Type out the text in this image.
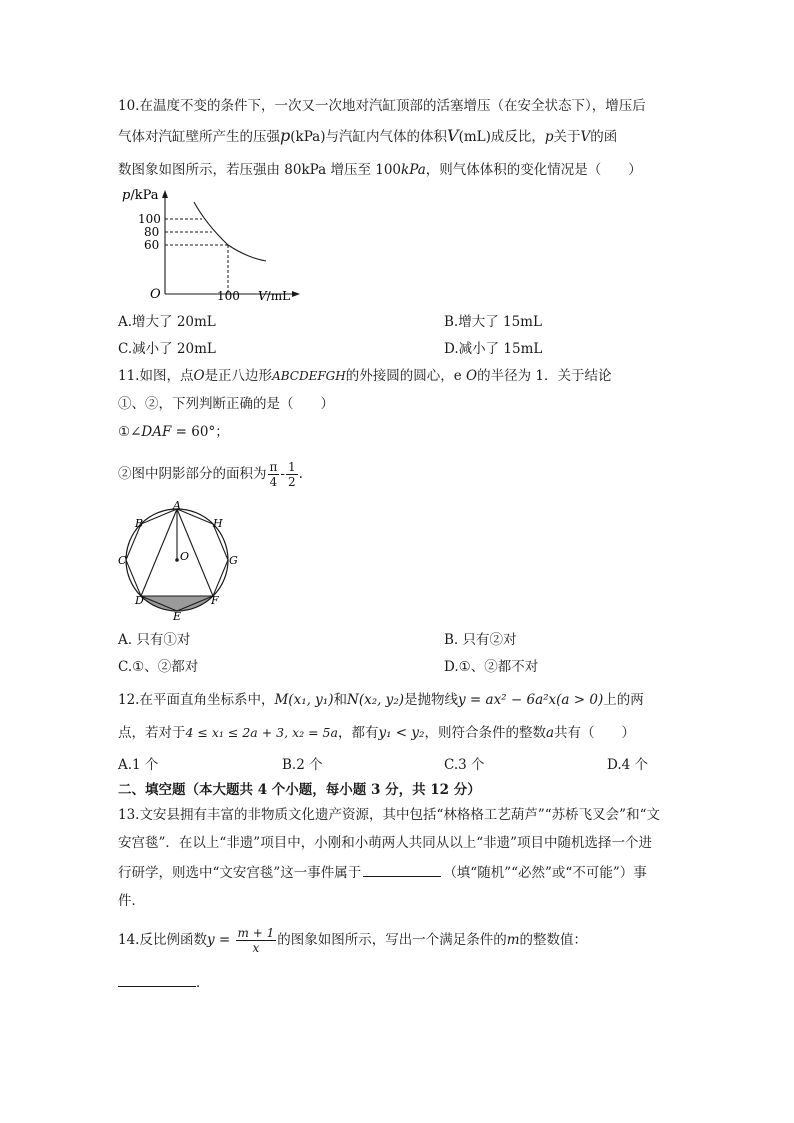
10.在温度不变的条件下，一次又一次地对汽缸顶部的活塞增压（在安全状态下），增压后
气体对汽缸壁所产生的压强p(kPa)与汽缸内气体的体积V(mL)成反比，p关于V的函
数图象如图所示，若压强由 80kPa 增压至 100kPa，则气体体积的变化情况是（　　）
p/kPa
100
80
60
O	100 V/mL
A.增大了 20mL	B.增大了 15mL
C.减小了 20mL	D.减小了 15mL
11.如图，点O是正八边形ABCDEFGH的外接圆的圆心，e O的半径为 1．关于结论
①、②，下列判断正确的是（　　）
①∠DAF = 60°；
②图中阴影部分的面积为 $\frac{\pi}{4} - \frac{1}{2}$ .
A
B
C
D
E
F
G
H
O
A. 只有①对	B. 只有②对
C.①、②都对	D.①、②都不对
12.在平面直角坐标系中，M(x₁, y₁)和N(x₂, y₂)是抛物线y = ax² − 6a²x(a > 0)上的两
点，若对于4 ≤ x₁ ≤ 2a + 3, x₂ = 5a，都有y₁ < y₂，则符合条件的整数a共有（　　）
A.1 个	B.2 个	C.3 个	D.4 个
二、填空题（本大题共 4 个小题，每小题 3 分，共 12 分）
13.文安县拥有丰富的非物质文化遗产资源，其中包括“林格格工艺葫芦”“苏桥飞叉会”和“文
安宫毯”．在以上“非遗”项目中，小刚和小萌两人共同从以上“非遗”项目中随机选择一个进
行研学，则选中“文安宫毯”这一事件属于	（填“随机”“必然”或“不可能”）事
件．
14.反比例函数$y = \frac{m + 1}{x}$ 的图象如图所示，写出一个满足条件的m的整数值：
．
